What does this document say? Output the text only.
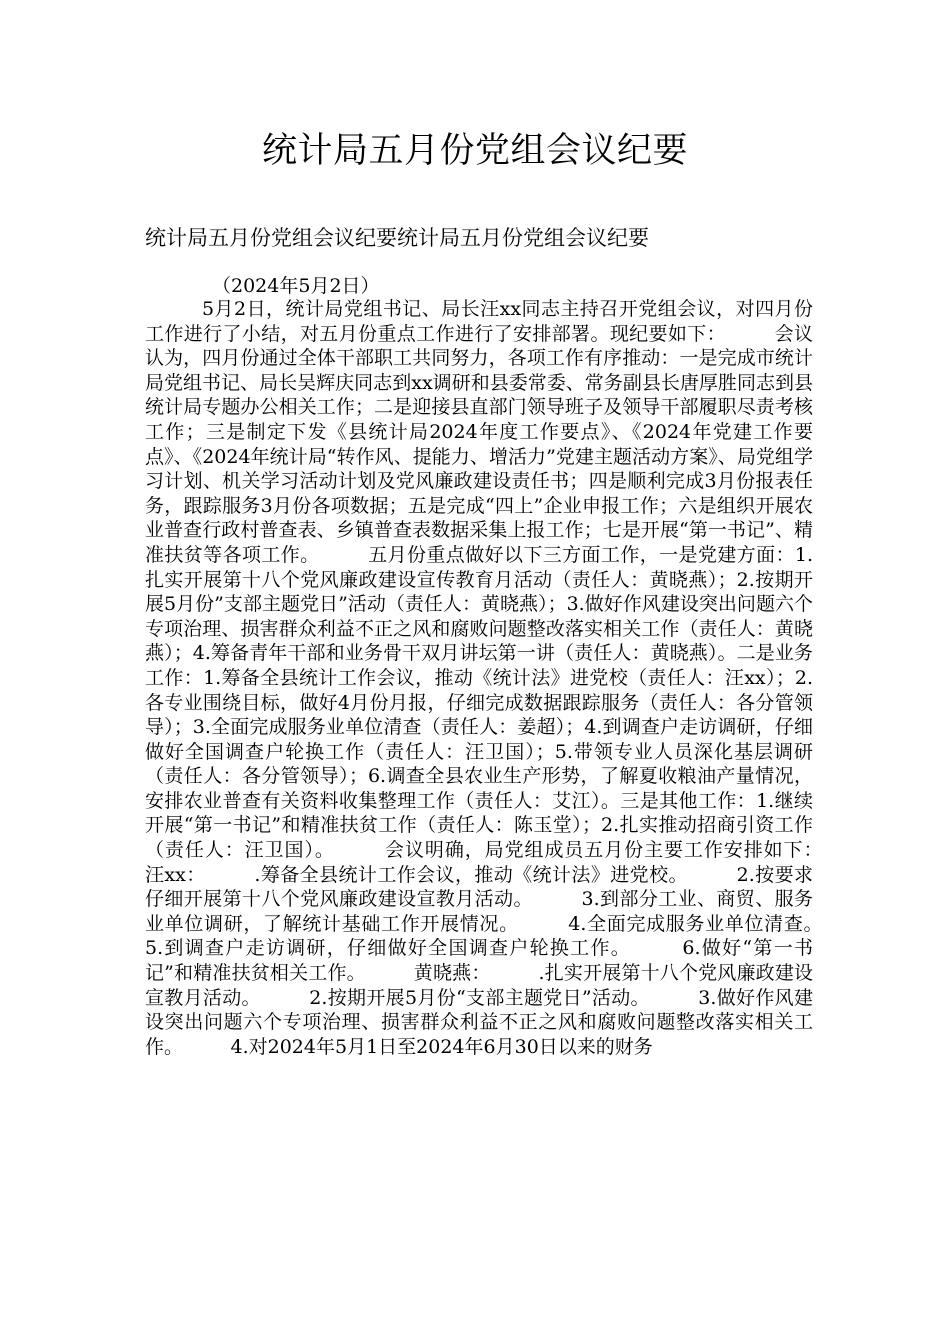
统计局五月份党组会议纪要
统计局五月份党组会议纪要统计局五月份党组会议纪要
（2024年5月2日）
5月2日，统计局党组书记、局长汪xx同志主持召开党组会议，对四月份工作进行了小结，对五月份重点工作进行了安排部署。现纪要如下：　　　会议认为，四月份通过全体干部职工共同努力，各项工作有序推动：一是完成市统计局党组书记、局长吴辉庆同志到xx调研和县委常委、常务副县长唐厚胜同志到县统计局专题办公相关工作；二是迎接县直部门领导班子及领导干部履职尽责考核工作；三是制定下发《县统计局2024年度工作要点》、《2024年党建工作要点》、《2024年统计局“转作风、提能力、增活力”党建主题活动方案》、局党组学习计划、机关学习活动计划及党风廉政建设责任书；四是顺利完成3月份报表任务，跟踪服务3月份各项数据；五是完成“四上”企业申报工作；六是组织开展农业普查行政村普查表、乡镇普查表数据采集上报工作；七是开展“第一书记”、精准扶贫等各项工作。　　　五月份重点做好以下三方面工作，一是党建方面：1.扎实开展第十八个党风廉政建设宣传教育月活动（责任人：黄晓燕）；2.按期开展5月份”支部主题党日”活动（责任人：黄晓燕）；3.做好作风建设突出问题六个专项治理、损害群众利益不正之风和腐败问题整改落实相关工作（责任人：黄晓燕）；4.筹备青年干部和业务骨干双月讲坛第一讲（责任人：黄晓燕）。二是业务工作：1.筹备全县统计工作会议，推动《统计法》进党校（责任人：汪xx）；2.各专业围绕目标，做好4月份月报，仔细完成数据跟踪服务（责任人：各分管领导）；3.全面完成服务业单位清查（责任人：姜超）；4.到调查户走访调研，仔细做好全国调查户轮换工作（责任人：汪卫国）；5.带领专业人员深化基层调研（责任人：各分管领导）；6.调查全县农业生产形势，了解夏收粮油产量情况，安排农业普查有关资料收集整理工作（责任人：艾江）。三是其他工作：1.继续开展“第一书记”和精准扶贫工作（责任人：陈玉堂）；2.扎实推动招商引资工作（责任人：汪卫国）。　　　会议明确，局党组成员五月份主要工作安排如下：　　　汪xx：　　　.筹备全县统计工作会议，推动《统计法》进党校。　　　2.按要求仔细开展第十八个党风廉政建设宣教月活动。　　　3.到部分工业、商贸、服务业单位调研，了解统计基础工作开展情况。　　　4.全面完成服务业单位清查。　　　5.到调查户走访调研，仔细做好全国调查户轮换工作。　　　6.做好“第一书记”和精准扶贫相关工作。　　　黄晓燕：　　　.扎实开展第十八个党风廉政建设宣教月活动。　　　2.按期开展5月份“支部主题党日”活动。　　　3.做好作风建设突出问题六个专项治理、损害群众利益不正之风和腐败问题整改落实相关工作。　　　4.对2024年5月1日至2024年6月30日以来的财务
